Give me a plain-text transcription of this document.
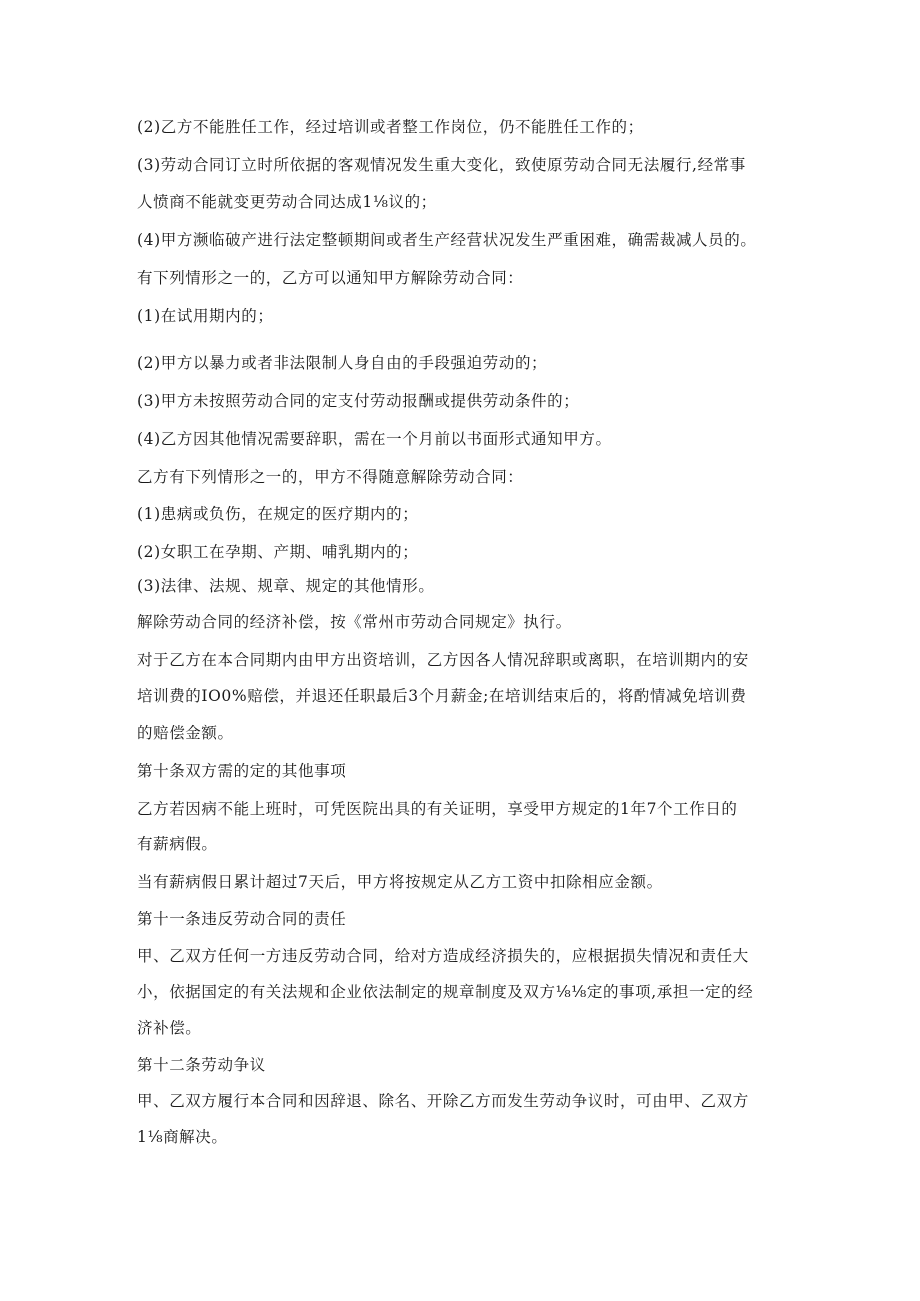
(2)乙方不能胜任工作，经过培训或者整工作岗位，仍不能胜任工作的；
(3)劳动合同订立时所依据的客观情况发生重大变化，致使原劳动合同无法履行,经常事
人愤商不能就变更劳动合同达成1⅛议的；
(4)甲方濒临破产进行法定整顿期间或者生产经营状况发生严重困难，确需裁减人员的。
有下列情形之一的，乙方可以通知甲方解除劳动合同：
(1)在试用期内的；
(2)甲方以暴力或者非法限制人身自由的手段强迫劳动的；
(3)甲方未按照劳动合同的定支付劳动报酬或提供劳动条件的；
(4)乙方因其他情况需要辞职，需在一个月前以书面形式通知甲方。
乙方有下列情形之一的，甲方不得随意解除劳动合同：
(1)患病或负伤，在规定的医疗期内的；
(2)女职工在孕期、产期、哺乳期内的；
(3)法律、法规、规章、规定的其他情形。
解除劳动合同的经济补偿，按《常州市劳动合同规定》执行。
对于乙方在本合同期内由甲方出资培训，乙方因各人情况辞职或离职，在培训期内的安
培训费的IO0%赔偿，并退还任职最后3个月薪金;在培训结束后的，将酌情减免培训费
的赔偿金额。
第十条双方需的定的其他事项
乙方若因病不能上班时，可凭医院出具的有关证明，享受甲方规定的1年7个工作日的
有薪病假。
当有薪病假日累计超过7天后，甲方将按规定从乙方工资中扣除相应金额。
第十一条违反劳动合同的责任
甲、乙双方任何一方违反劳动合同，给对方造成经济损失的，应根据损失情况和责任大
小，依据国定的有关法规和企业依法制定的规章制度及双方⅛⅛定的事项,承担一定的经
济补偿。
第十二条劳动争议
甲、乙双方履行本合同和因辞退、除名、开除乙方而发生劳动争议时，可由甲、乙双方
1⅛商解决。
